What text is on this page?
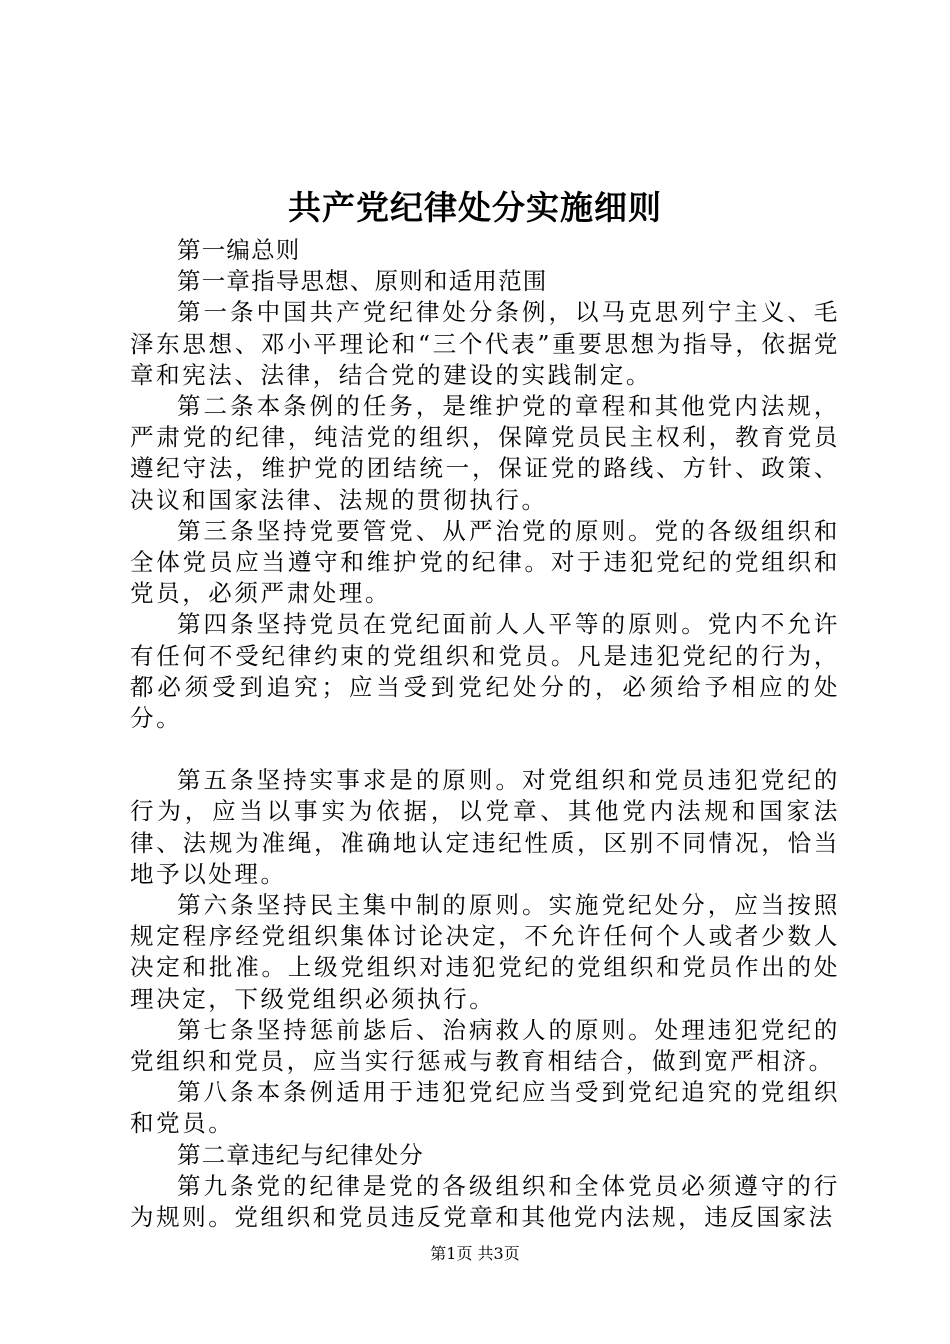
共产党纪律处分实施细则

第一编总则

第一章指导思想、原则和适用范围

第一条中国共产党纪律处分条例，以马克思列宁主义、毛泽东思想、邓小平理论和“三个代表”重要思想为指导，依据党章和宪法、法律，结合党的建设的实践制定。

第二条本条例的任务，是维护党的章程和其他党内法规，严肃党的纪律，纯洁党的组织，保障党员民主权利，教育党员遵纪守法，维护党的团结统一，保证党的路线、方针、政策、决议和国家法律、法规的贯彻执行。

第三条坚持党要管党、从严治党的原则。党的各级组织和全体党员应当遵守和维护党的纪律。对于违犯党纪的党组织和党员，必须严肃处理。

第四条坚持党员在党纪面前人人平等的原则。党内不允许有任何不受纪律约束的党组织和党员。凡是违犯党纪的行为，都必须受到追究；应当受到党纪处分的，必须给予相应的处分。

第五条坚持实事求是的原则。对党组织和党员违犯党纪的行为，应当以事实为依据，以党章、其他党内法规和国家法律、法规为准绳，准确地认定违纪性质，区别不同情况，恰当地予以处理。

第六条坚持民主集中制的原则。实施党纪处分，应当按照规定程序经党组织集体讨论决定，不允许任何个人或者少数人决定和批准。上级党组织对违犯党纪的党组织和党员作出的处理决定，下级党组织必须执行。

第七条坚持惩前毖后、治病救人的原则。处理违犯党纪的党组织和党员，应当实行惩戒与教育相结合，做到宽严相济。

第八条本条例适用于违犯党纪应当受到党纪追究的党组织和党员。

第二章违纪与纪律处分

第九条党的纪律是党的各级组织和全体党员必须遵守的行为规则。党组织和党员违反党章和其他党内法规，违反国家法

第1页 共3页
